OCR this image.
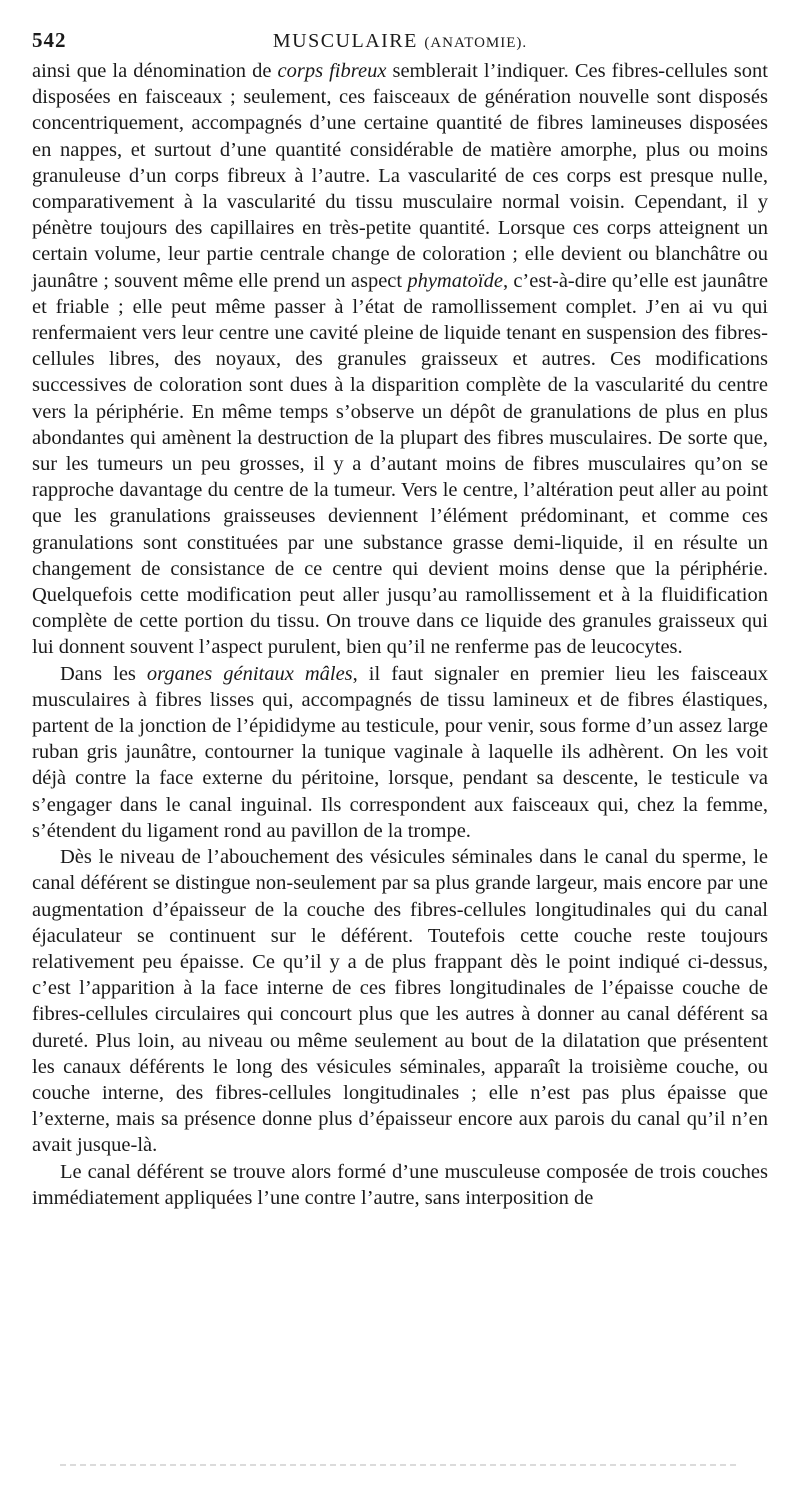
542	MUSCULAIRE (ANATOMIE).

ainsi que la dénomination de corps fibreux semblerait l’indiquer. Ces fibres-cellules sont disposées en faisceaux ; seulement, ces faisceaux de génération nouvelle sont disposés concentriquement, accompagnés d’une certaine quantité de fibres lamineuses disposées en nappes, et surtout d’une quantité considérable de matière amorphe, plus ou moins granuleuse d’un corps fibreux à l’autre. La vascularité de ces corps est presque nulle, comparativement à la vascularité du tissu musculaire normal voisin. Cependant, il y pénètre toujours des capillaires en très-petite quantité. Lorsque ces corps atteignent un certain volume, leur partie centrale change de coloration ; elle devient ou blanchâtre ou jaunâtre ; souvent même elle prend un aspect phymatoïde, c’est-à-dire qu’elle est jaunâtre et friable ; elle peut même passer à l’état de ramollissement complet. J’en ai vu qui renfermaient vers leur centre une cavité pleine de liquide tenant en suspension des fibres-cellules libres, des noyaux, des granules graisseux et autres. Ces modifications successives de coloration sont dues à la disparition complète de la vascularité du centre vers la périphérie. En même temps s’observe un dépôt de granulations de plus en plus abondantes qui amènent la destruction de la plupart des fibres musculaires. De sorte que, sur les tumeurs un peu grosses, il y a d’autant moins de fibres musculaires qu’on se rapproche davantage du centre de la tumeur. Vers le centre, l’altération peut aller au point que les granulations graisseuses deviennent l’élément prédominant, et comme ces granulations sont constituées par une substance grasse demi-liquide, il en résulte un changement de consistance de ce centre qui devient moins dense que la périphérie. Quelquefois cette modification peut aller jusqu’au ramollissement et à la fluidification complète de cette portion du tissu. On trouve dans ce liquide des granules graisseux qui lui donnent souvent l’aspect purulent, bien qu’il ne renferme pas de leucocytes.

Dans les organes génitaux mâles, il faut signaler en premier lieu les faisceaux musculaires à fibres lisses qui, accompagnés de tissu lamineux et de fibres élastiques, partent de la jonction de l’épididyme au testicule, pour venir, sous forme d’un assez large ruban gris jaunâtre, contourner la tunique vaginale à laquelle ils adhèrent. On les voit déjà contre la face externe du péritoine, lorsque, pendant sa descente, le testicule va s’engager dans le canal inguinal. Ils correspondent aux faisceaux qui, chez la femme, s’étendent du ligament rond au pavillon de la trompe.

Dès le niveau de l’abouchement des vésicules séminales dans le canal du sperme, le canal déférent se distingue non-seulement par sa plus grande largeur, mais encore par une augmentation d’épaisseur de la couche des fibres-cellules longitudinales qui du canal éjaculateur se continuent sur le déférent. Toutefois cette couche reste toujours relativement peu épaisse. Ce qu’il y a de plus frappant dès le point indiqué ci-dessus, c’est l’apparition à la face interne de ces fibres longitudinales de l’épaisse couche de fibres-cellules circulaires qui concourt plus que les autres à donner au canal déférent sa dureté. Plus loin, au niveau ou même seulement au bout de la dilatation que présentent les canaux déférents le long des vésicules séminales, apparaît la troisième couche, ou couche interne, des fibres-cellules longitudinales ; elle n’est pas plus épaisse que l’externe, mais sa présence donne plus d’épaisseur encore aux parois du canal qu’il n’en avait jusque-là.

Le canal déférent se trouve alors formé d’une musculeuse composée de trois couches immédiatement appliquées l’une contre l’autre, sans interposition de
